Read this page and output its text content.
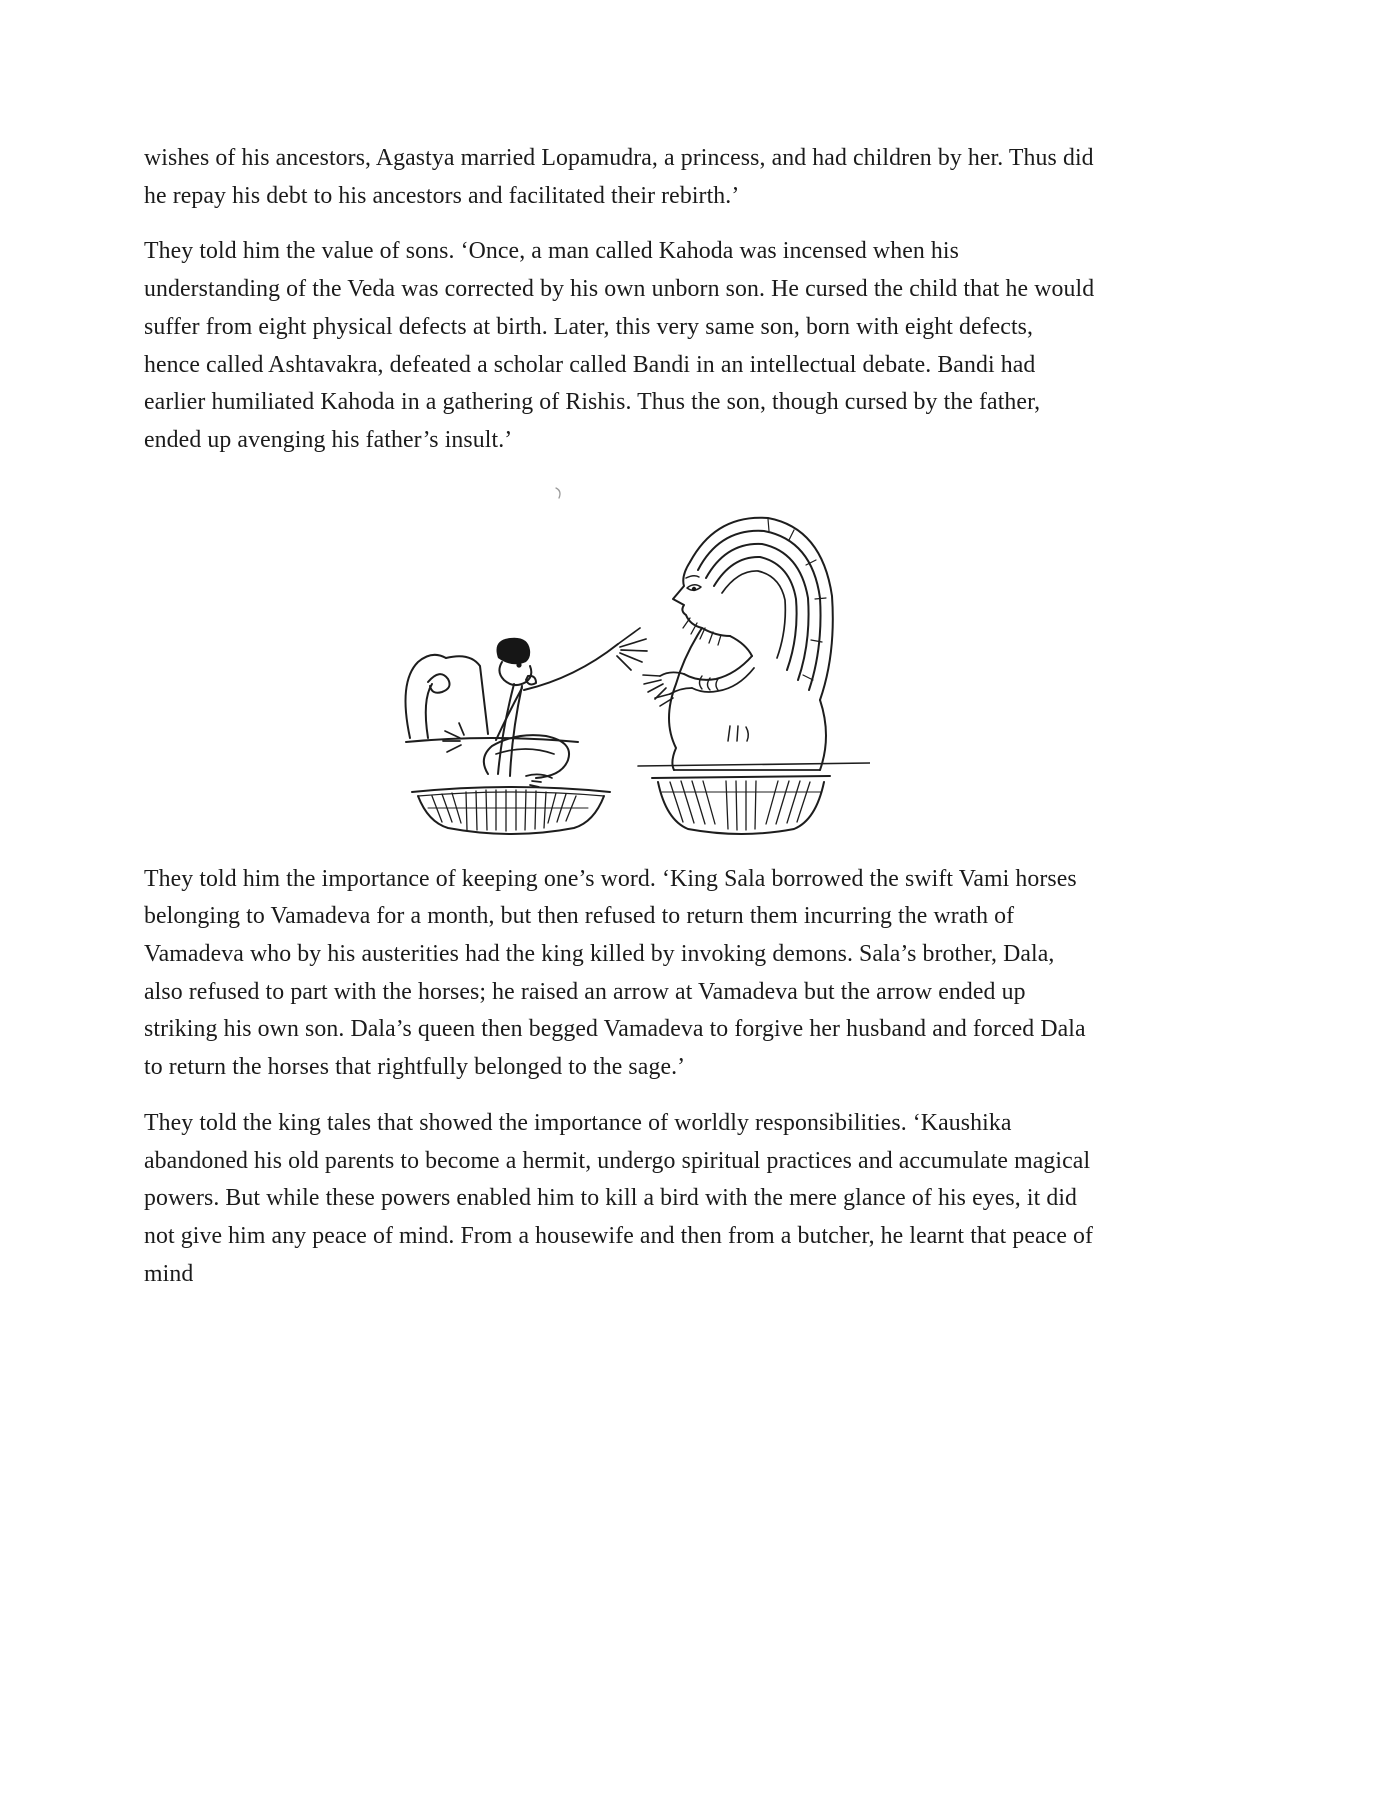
wishes of his ancestors, Agastya married Lopamudra, a princess, and had children by her. Thus did he repay his debt to his ancestors and facilitated their rebirth.’

They told him the value of sons. ‘Once, a man called Kahoda was incensed when his understanding of the Veda was corrected by his own unborn son. He cursed the child that he would suffer from eight physical defects at birth. Later, this very same son, born with eight defects, hence called Ashtavakra, defeated a scholar called Bandi in an intellectual debate. Bandi had earlier humiliated Kahoda in a gathering of Rishis. Thus the son, though cursed by the father, ended up avenging his father’s insult.’

They told him the importance of keeping one’s word. ‘King Sala borrowed the swift Vami horses belonging to Vamadeva for a month, but then refused to return them incurring the wrath of Vamadeva who by his austerities had the king killed by invoking demons. Sala’s brother, Dala, also refused to part with the horses; he raised an arrow at Vamadeva but the arrow ended up striking his own son. Dala’s queen then begged Vamadeva to forgive her husband and forced Dala to return the horses that rightfully belonged to the sage.’

They told the king tales that showed the importance of worldly responsibilities. ‘Kaushika abandoned his old parents to become a hermit, undergo spiritual practices and accumulate magical powers. But while these powers enabled him to kill a bird with the mere glance of his eyes, it did not give him any peace of mind. From a housewife and then from a butcher, he learnt that peace of mind
